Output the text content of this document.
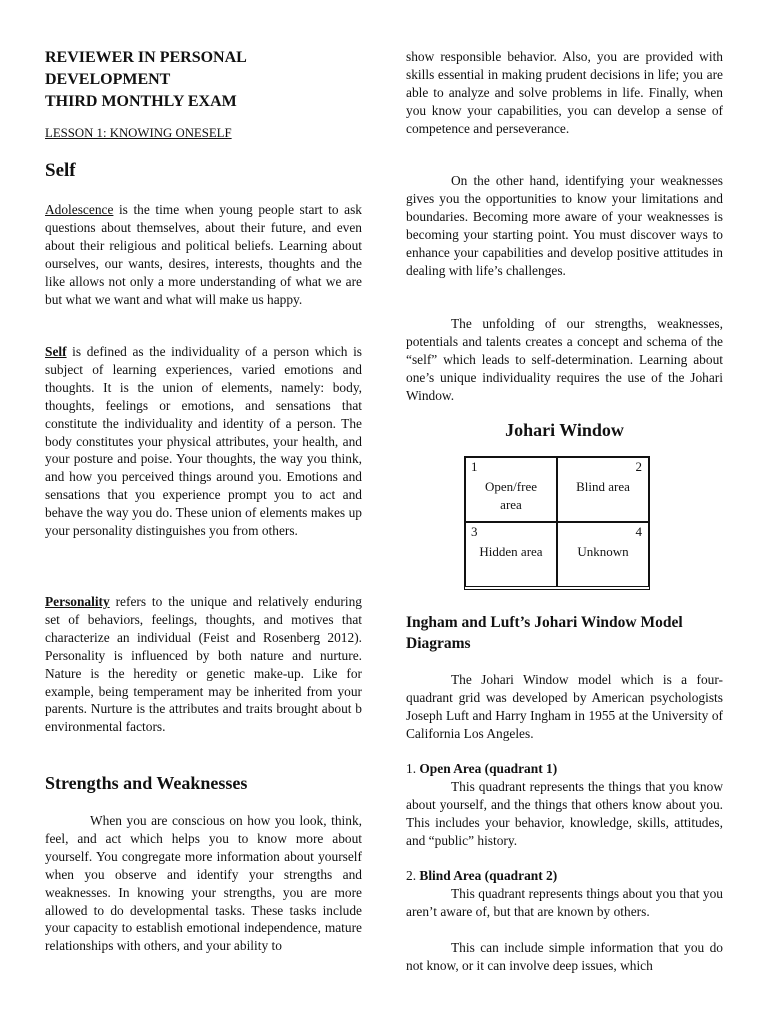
REVIEWER IN PERSONAL
DEVELOPMENT
THIRD MONTHLY EXAM
LESSON 1: KNOWING ONESELF
Self

Adolescence is the time when young people start to ask questions about themselves, about their future, and even about their religious and political beliefs. Learning about ourselves, our wants, desires, interests, thoughts and the like allows not only a more understanding of what we are but what we want and what will make us happy.

Self is defined as the individuality of a person which is subject of learning experiences, varied emotions and thoughts. It is the union of elements, namely: body, thoughts, feelings or emotions, and sensations that constitute the individuality and identity of a person. The body constitutes your physical attributes, your health, and your posture and poise. Your thoughts, the way you think, and how you perceived things around you. Emotions and sensations that you experience prompt you to act and behave the way you do. These union of elements makes up your personality distinguishes you from others.

Personality refers to the unique and relatively enduring set of behaviors, feelings, thoughts, and motives that characterize an individual (Feist and Rosenberg 2012). Personality is influenced by both nature and nurture. Nature is the heredity or genetic make-up. Like for example, being temperament may be inherited from your parents. Nurture is the attributes and traits brought about b environmental factors.

Strengths and Weaknesses

When you are conscious on how you look, think, feel, and act which helps you to know more about yourself. You congregate more information about yourself when you observe and identify your strengths and weaknesses. In knowing your strengths, you are more allowed to do developmental tasks. These tasks include your capacity to establish emotional independence, mature relationships with others, and your ability to

show responsible behavior. Also, you are provided with skills essential in making prudent decisions in life; you are able to analyze and solve problems in life. Finally, when you know your capabilities, you can develop a sense of competence and perseverance.

On the other hand, identifying your weaknesses gives you the opportunities to know your limitations and boundaries. Becoming more aware of your weaknesses is becoming your starting point. You must discover ways to enhance your capabilities and develop positive attitudes in dealing with life’s challenges.

The unfolding of our strengths, weaknesses, potentials and talents creates a concept and schema of the “self” which leads to self-determination. Learning about one’s unique individuality requires the use of the Johari Window.

Johari Window
1
Open/free
area
2
Blind area
3
Hidden area
4
Unknown
Ingham and Luft’s Johari Window Model
Diagrams

The Johari Window model which is a four-quadrant grid was developed by American psychologists Joseph Luft and Harry Ingham in 1955 at the University of California Los Angeles.

1. Open Area (quadrant 1)

This quadrant represents the things that you know about yourself, and the things that others know about you. This includes your behavior, knowledge, skills, attitudes, and “public” history.

2. Blind Area (quadrant 2)

This quadrant represents things about you that you aren’t aware of, but that are known by others.

This can include simple information that you do not know, or it can involve deep issues, which
